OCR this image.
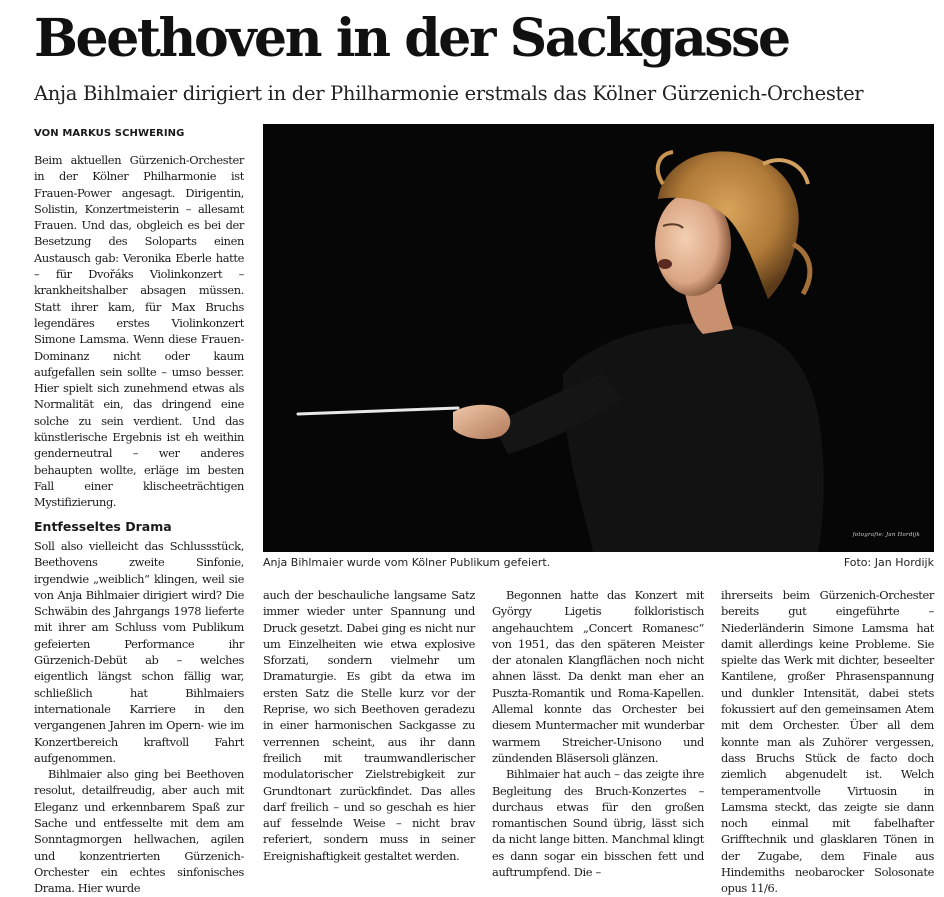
Beethoven in der Sackgasse
Anja Bihlmaier dirigiert in der Philharmonie erstmals das Kölner Gürzenich-Orchester
VON MARKUS SCHWERING

Beim aktuellen Gürzenich-Orchester in der Kölner Philharmonie ist Frauen-Power angesagt. Dirigentin, Solistin, Konzertmeisterin – allesamt Frauen. Und das, obgleich es bei der Besetzung des Soloparts einen Austausch gab: Veronika Eberle hatte – für Dvořáks Violinkonzert – krankheitshalber absagen müssen. Statt ihrer kam, für Max Bruchs legendäres erstes Violinkonzert Simone Lamsma. Wenn diese Frauen-Dominanz nicht oder kaum aufgefallen sein sollte – umso besser. Hier spielt sich zunehmend etwas als Normalität ein, das dringend eine solche zu sein verdient. Und das künstlerische Ergebnis ist eh weithin genderneutral – wer anderes behaupten wollte, erläge im besten Fall einer klischeeträchtigen Mystifizierung.

Entfesseltes Drama

Soll also vielleicht das Schlussstück, Beethovens zweite Sinfonie, irgendwie „weiblich“ klingen, weil sie von Anja Bihlmaier dirigiert wird? Die Schwäbin des Jahrgangs 1978 lieferte mit ihrer am Schluss vom Publikum gefeierten Performance ihr Gürzenich-Debüt ab – welches eigentlich längst schon fällig war, schließlich hat Bihlmaiers internationale Karriere in den vergangenen Jahren im Opern- wie im Konzertbereich kraftvoll Fahrt aufgenommen.

Bihlmaier also ging bei Beethoven resolut, detailfreudig, aber auch mit Eleganz und erkennbarem Spaß zur Sache und entfesselte mit dem am Sonntagmorgen hellwachen, agilen und konzentrierten Gürzenich-Orchester ein echtes sinfonisches Drama. Hier wurde

fotografie: Jan Hordijk
Anja Bihlmaier wurde vom Kölner Publikum gefeiert.	Foto: Jan Hordijk

auch der beschauliche langsame Satz immer wieder unter Spannung und Druck gesetzt. Dabei ging es nicht nur um Einzelheiten wie etwa explosive Sforzati, sondern vielmehr um Dramaturgie. Es gibt da etwa im ersten Satz die Stelle kurz vor der Reprise, wo sich Beethoven geradezu in einer harmonischen Sackgasse zu verrennen scheint, aus ihr dann freilich mit traumwandlerischer modulatorischer Zielstrebigkeit zur Grundtonart zurückfindet. Das alles darf freilich – und so geschah es hier auf fesselnde Weise – nicht brav referiert, sondern muss in seiner Ereignishaftigkeit gestaltet werden.

Begonnen hatte das Konzert mit György Ligetis folkloristisch angehauchtem „Concert Romanesc“ von 1951, das den späteren Meister der atonalen Klangflächen noch nicht ahnen lässt. Da denkt man eher an Puszta-Romantik und Roma-Kapellen. Allemal konnte das Orchester bei diesem Muntermacher mit wunderbar warmem Streicher-Unisono und zündenden Bläsersoli glänzen.

Bihlmaier hat auch – das zeigte ihre Begleitung des Bruch-Konzertes – durchaus etwas für den großen romantischen Sound übrig, lässt sich da nicht lange bitten. Manchmal klingt es dann sogar ein bisschen fett und auftrumpfend. Die –

ihrerseits beim Gürzenich-Orchester bereits gut eingeführte – Niederländerin Simone Lamsma hat damit allerdings keine Probleme. Sie spielte das Werk mit dichter, beseelter Kantilene, großer Phrasenspannung und dunkler Intensität, dabei stets fokussiert auf den gemeinsamen Atem mit dem Orchester. Über all dem konnte man als Zuhörer vergessen, dass Bruchs Stück de facto doch ziemlich abgenudelt ist. Welch temperamentvolle Virtuosin in Lamsma steckt, das zeigte sie dann noch einmal mit fabelhafter Grifftechnik und glasklaren Tönen in der Zugabe, dem Finale aus Hindemiths neobarocker Solosonate opus 11/6.
